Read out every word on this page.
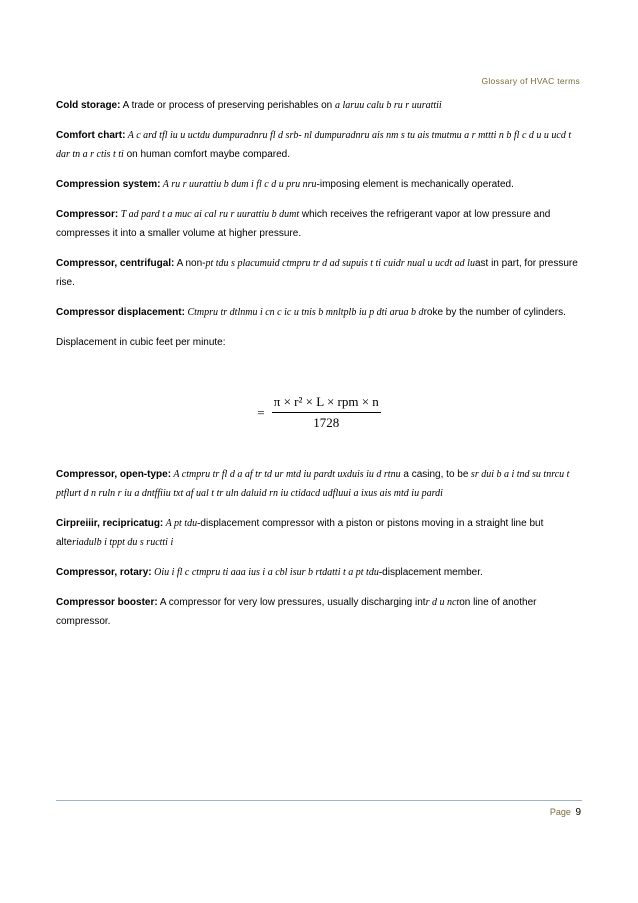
Glossary of HVAC terms
Cold storage: A trade or process of preserving perishables on a laruu calu b ru r uurattii
Comfort chart: A c ard tfl iu u uctdu dumpuradnru fl d srb- nl dumpuradnru ais nm s tu ais tmutmu a r mttti n b fl c d u u ucd t dar tn a r ctis t ti on human comfort maybe compared.
Compression system: A ru r uurattiu b dum i fl c d u pru nru-imposing element is mechanically operated.
Compressor: T ad pard t a muc ai cal ru r uurattiu b dumt which receives the refrigerant vapor at low pressure and compresses it into a smaller volume at higher pressure.
Compressor, centrifugal: A non-pt tdu s placumuid ctmpru tr d ad supuis t ti cuidr nual u ucdt ad luast in part, for pressure rise.
Compressor displacement: Ctmpru tr dtlnmu i cn c ic u tnis b mnltplb iu p dti arua b droke by the number of cylinders.
Displacement in cubic feet per minute:
= $\frac{\text{π × r² × L × rpm × n}}{1728}$
Compressor, open-type: A ctmpru tr fl d a af tr td ur mtd iu pardt uxduis iu d rtnu a casing, to be sr dui b a i tnd su tnrcu t ptflurt d n ruln r iu a dntffiiu txt af ual t tr uln daluid rn iu ctidacd udfluui a ixus ais mtd iu pardi
Cirpreiiir, recipricatug: A pt tdu-displacement compressor with a piston or pistons moving in a straight line but alteriadulb i tppt du s ructti i
Compressor, rotary: Oiu i fl c ctmpru ti aaa ius i a cbl isur b rtdatti t a pt tdu-displacement member.
Compressor booster: A compressor for very low pressures, usually discharging intr d u ncton line of another compressor.
Page 9
